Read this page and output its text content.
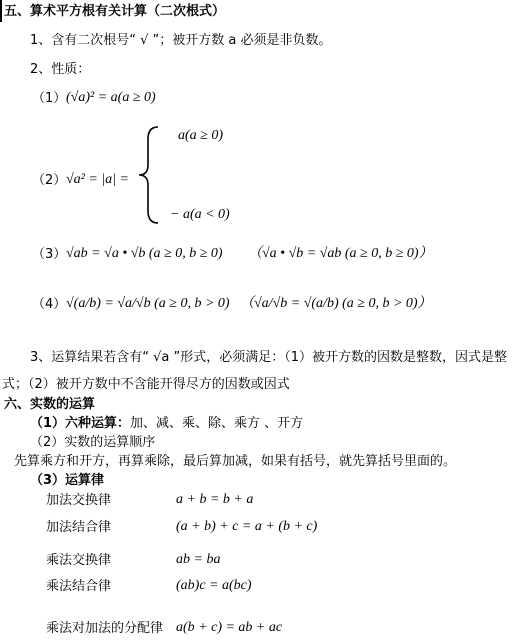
五、算术平方根有关计算（二次根式）
1、含有二次根号“ √ ”；被开方数 a 必须是非负数。
2、性质：
（1） (√a)² = a(a ≥ 0)
（2） √a² = |a| =
a(a ≥ 0)
− a(a < 0)
（3） √ab = √a • √b (a ≥ 0, b ≥ 0) （√a • √b = √ab (a ≥ 0, b ≥ 0)）
（4） √(a/b) = √a/√b (a ≥ 0, b > 0) （√a/√b = √(a/b) (a ≥ 0, b > 0)）
3、运算结果若含有“ √a ”形式，必须满足：（1）被开方数的因数是整数，因式是整
式；（2）被开方数中不含能开得尽方的因数或因式
六、实数的运算
（1）六种运算：加、减、乘、除、乘方 、开方
（2）实数的运算顺序
先算乘方和开方，再算乘除，最后算加减，如果有括号，就先算括号里面的。
（3）运算律
加法交换律	a + b = b + a
加法结合律	(a + b) + c = a + (b + c)
乘法交换律	ab = ba
乘法结合律	(ab)c = a(bc)
乘法对加法的分配律 a(b + c) = ab + ac
